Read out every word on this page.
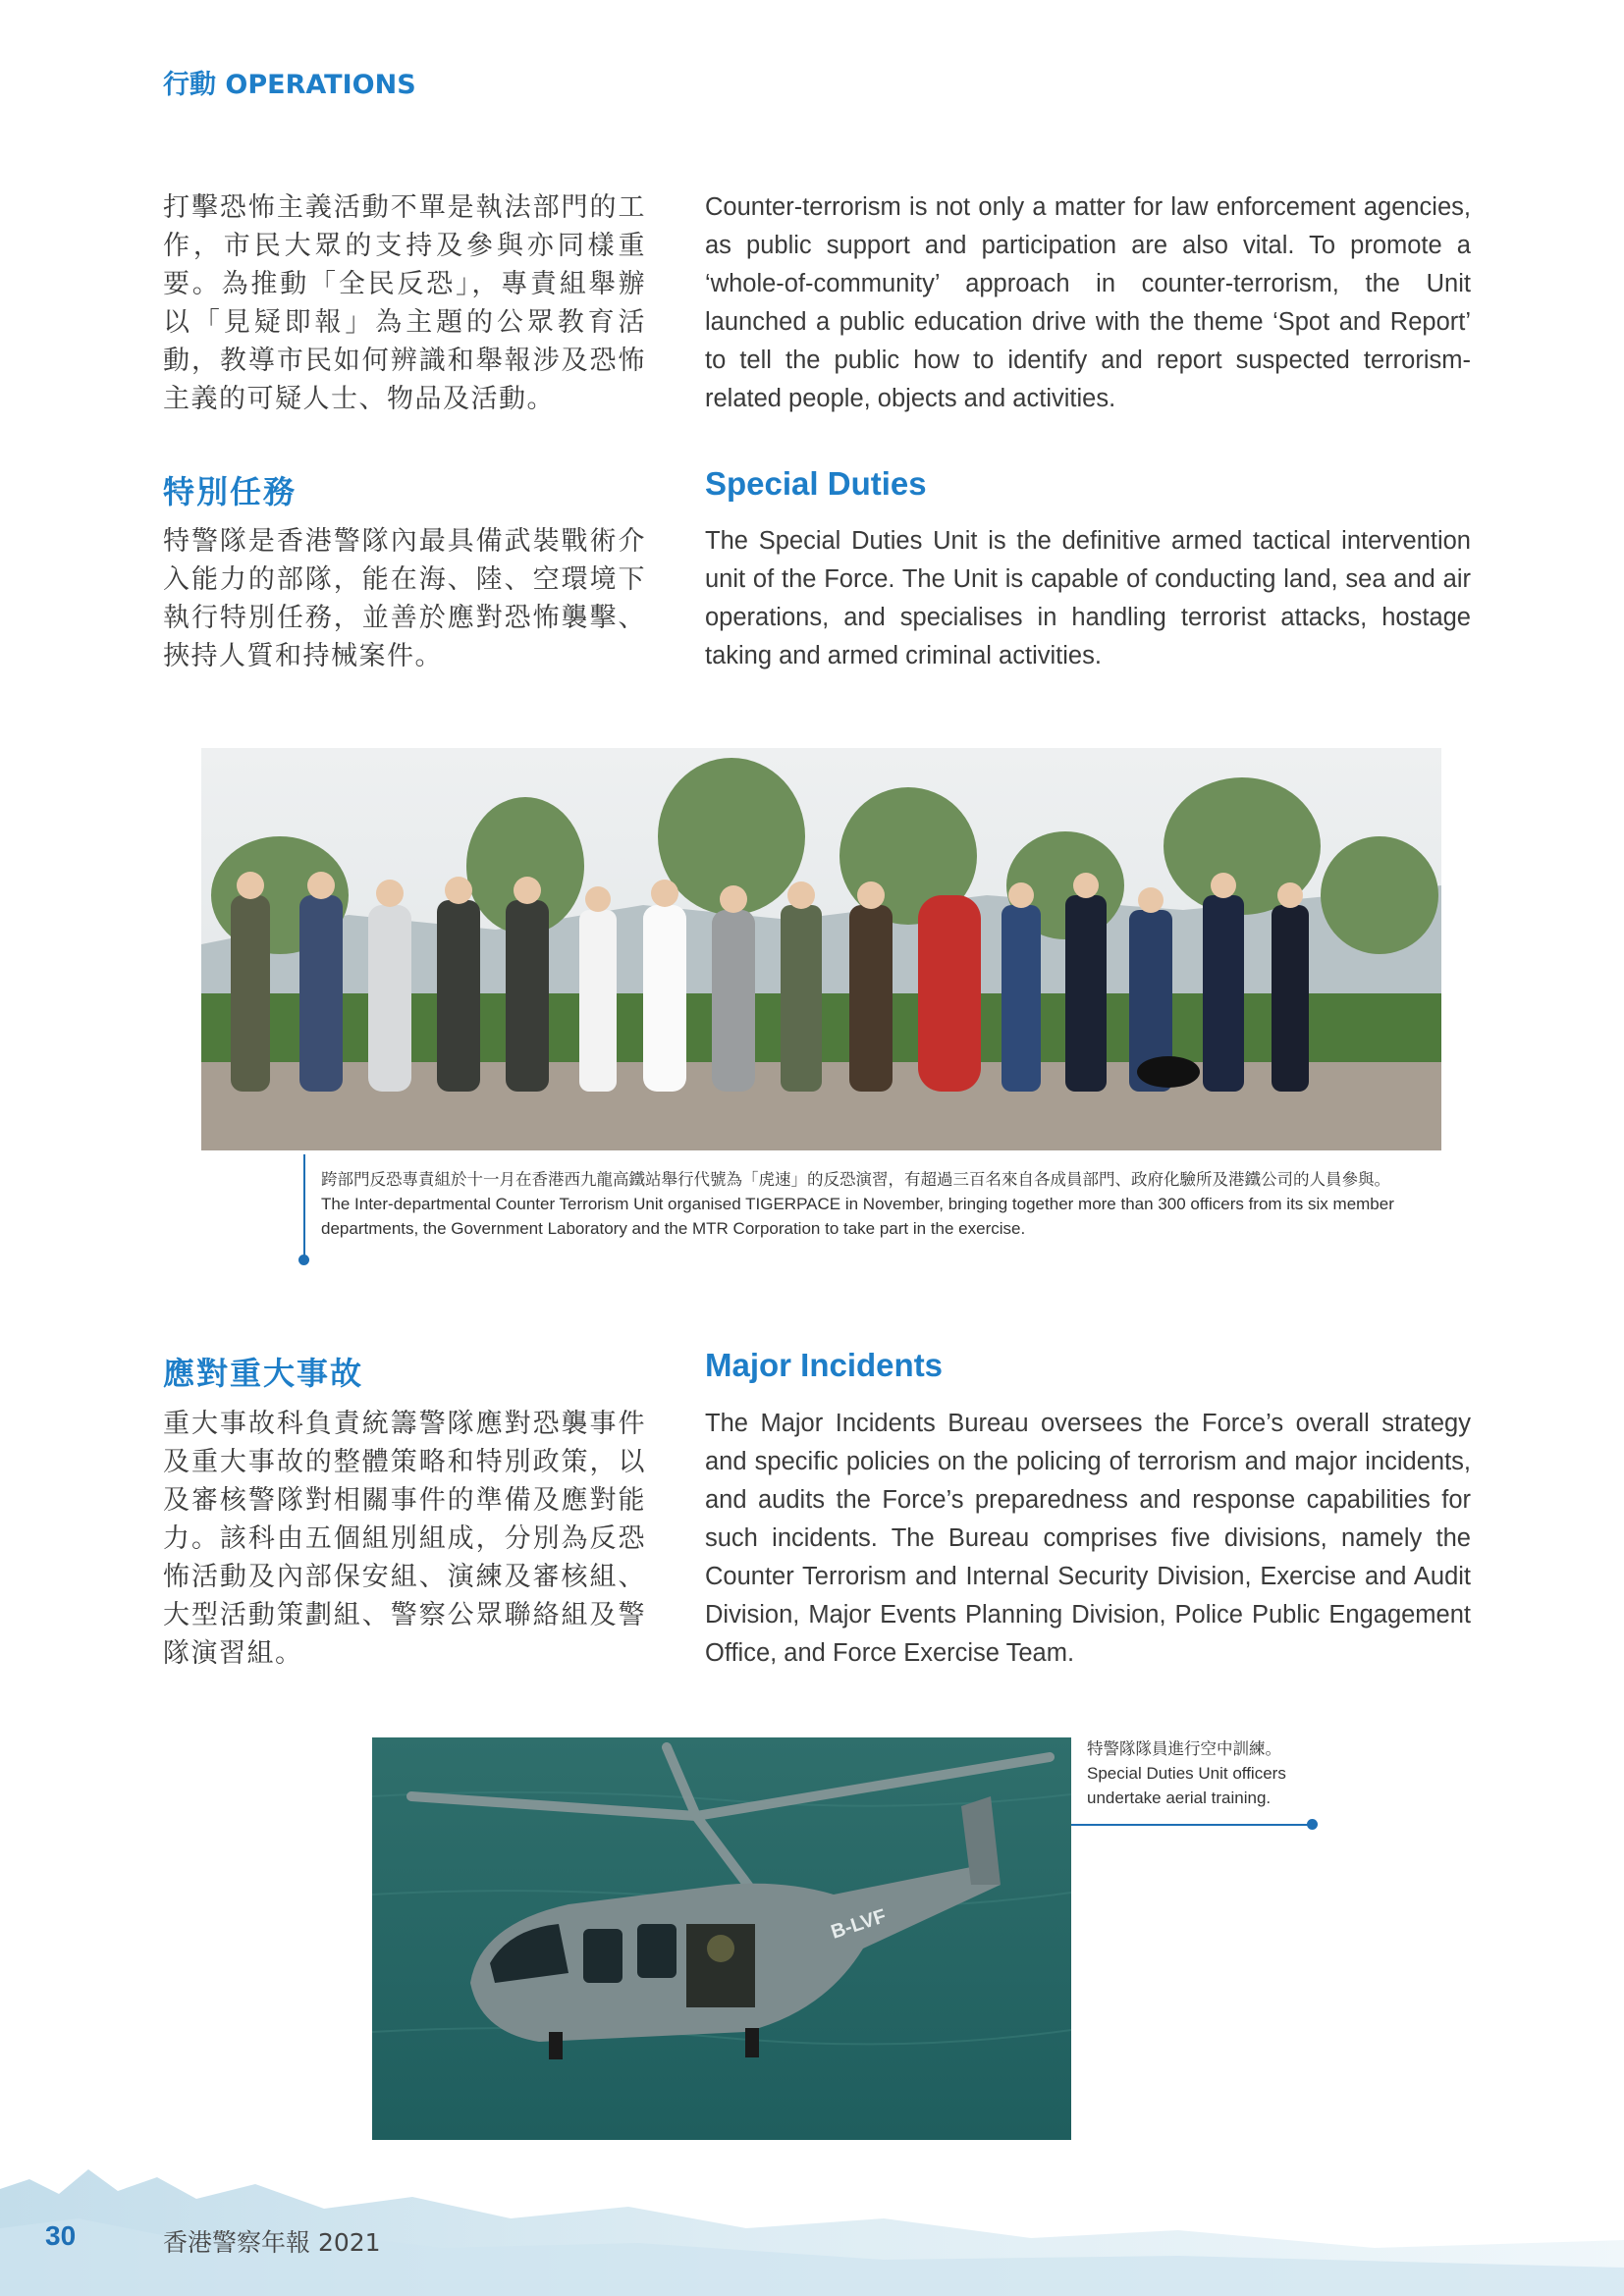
行動 OPERATIONS

打擊恐怖主義活動不單是執法部門的工作，市民大眾的支持及參與亦同樣重要。為推動「全民反恐」，專責組舉辦以「見疑即報」為主題的公眾教育活動，教導市民如何辨識和舉報涉及恐怖主義的可疑人士、物品及活動。

Counter-terrorism is not only a matter for law enforcement agencies, as public support and participation are also vital. To promote a ‘whole-of-community’ approach in counter-terrorism, the Unit launched a public education drive with the theme ‘Spot and Report’ to tell the public how to identify and report suspected terrorism-related people, objects and activities.

特別任務	Special Duties

特警隊是香港警隊內最具備武裝戰術介入能力的部隊，能在海、陸、空環境下執行特別任務，並善於應對恐怖襲擊、挾持人質和持械案件。

The Special Duties Unit is the definitive armed tactical intervention unit of the Force. The Unit is capable of conducting land, sea and air operations, and specialises in handling terrorist attacks, hostage taking and armed criminal activities.

跨部門反恐專責組於十一月在香港西九龍高鐵站舉行代號為「虎速」的反恐演習，有超過三百名來自各成員部門、政府化驗所及港鐵公司的人員參與。
The Inter-departmental Counter Terrorism Unit organised TIGERPACE in November, bringing together more than 300 officers from its six member departments, the Government Laboratory and the MTR Corporation to take part in the exercise.
應對重大事故	Major Incidents

重大事故科負責統籌警隊應對恐襲事件及重大事故的整體策略和特別政策，以及審核警隊對相關事件的準備及應對能力。該科由五個組別組成，分別為反恐怖活動及內部保安組、演練及審核組、大型活動策劃組、警察公眾聯絡組及警隊演習組。

The Major Incidents Bureau oversees the Force’s overall strategy and specific policies on the policing of terrorism and major incidents, and audits the Force’s preparedness and response capabilities for such incidents. The Bureau comprises five divisions, namely the Counter Terrorism and Internal Security Division, Exercise and Audit Division, Major Events Planning Division, Police Public Engagement Office, and Force Exercise Team.

B-LVF
特警隊隊員進行空中訓練。
Special Duties Unit officers undertake aerial training.
30	香港警察年報 2021
